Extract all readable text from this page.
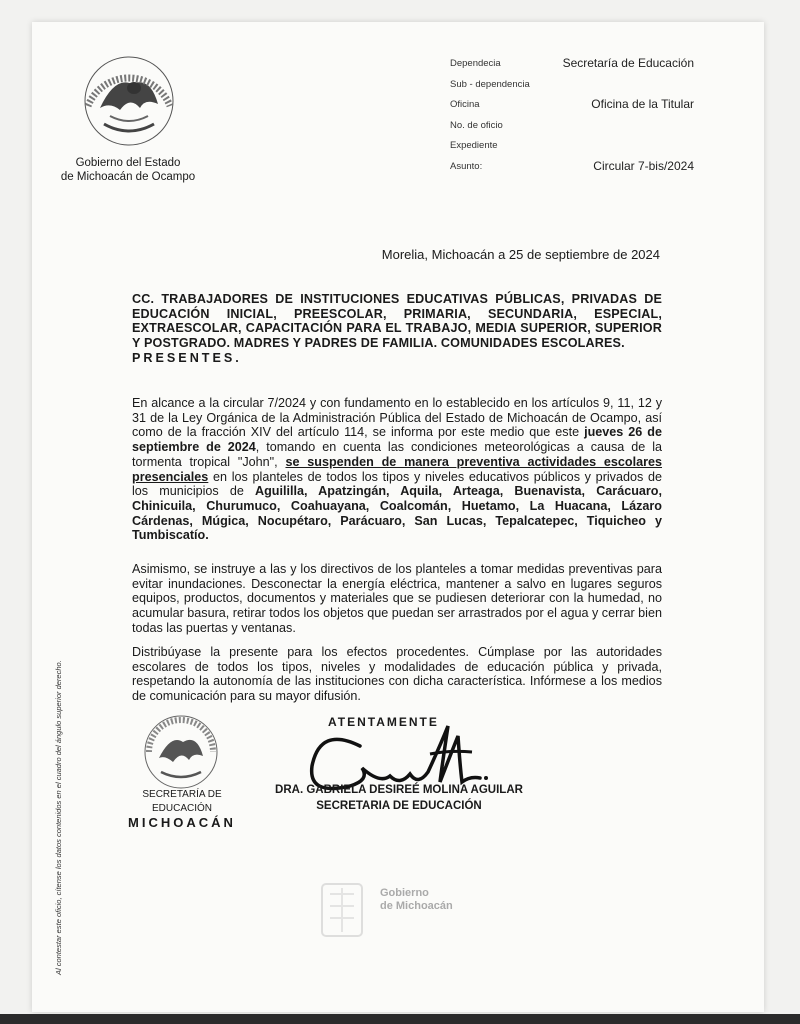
Gobierno del Estado
de Michoacán de Ocampo
Dependecia	Secretaría de Educación
Sub - dependencia
Oficina	Oficina de la Titular
No. de oficio
Expediente
Asunto:	Circular 7-bis/2024
Morelia, Michoacán a 25 de septiembre de 2024
CC. TRABAJADORES DE INSTITUCIONES EDUCATIVAS PÚBLICAS, PRIVADAS DE EDUCACIÓN INICIAL, PREESCOLAR, PRIMARIA, SECUNDARIA, ESPECIAL, EXTRAESCOLAR, CAPACITACIÓN PARA EL TRABAJO, MEDIA SUPERIOR, SUPERIOR Y POSTGRADO. MADRES Y PADRES DE FAMILIA. COMUNIDADES ESCOLARES.
PRESENTES.
En alcance a la circular 7/2024 y con fundamento en lo establecido en los artículos 9, 11, 12 y 31 de la Ley Orgánica de la Administración Pública del Estado de Michoacán de Ocampo, así como de la fracción XIV del artículo 114, se informa por este medio que este jueves 26 de septiembre de 2024, tomando en cuenta las condiciones meteorológicas a causa de la tormenta tropical "John", se suspenden de manera preventiva actividades escolares presenciales en los planteles de todos los tipos y niveles educativos públicos y privados de los municipios de Aguililla, Apatzingán, Aquila, Arteaga, Buenavista, Carácuaro, Chinicuila, Churumuco, Coahuayana, Coalcomán, Huetamo, La Huacana, Lázaro Cárdenas, Múgica, Nocupétaro, Parácuaro, San Lucas, Tepalcatepec, Tiquicheo y Tumbiscatío.
Asimismo, se instruye a las y los directivos de los planteles a tomar medidas preventivas para evitar inundaciones. Desconectar la energía eléctrica, mantener a salvo en lugares seguros equipos, productos, documentos y materiales que se pudiesen deteriorar con la humedad, no acumular basura, retirar todos los objetos que puedan ser arrastrados por el agua y cerrar bien todas las puertas y ventanas.
Distribúyase la presente para los efectos procedentes. Cúmplase por las autoridades escolares de todos los tipos, niveles y modalidades de educación pública y privada, respetando la autonomía de las instituciones con dicha característica. Infórmese a los medios de comunicación para su mayor difusión.
SECRETARÍA DE EDUCACIÓN
MICHOACÁN
ATENTAMENTE
DRA. GABRIELA DESIREÉ MOLINA AGUILAR
SECRETARIA DE EDUCACIÓN
Gobierno
de Michoacán
Al contestar este oficio, cítense los datos contenidos en el cuadro del ángulo superior derecho.
